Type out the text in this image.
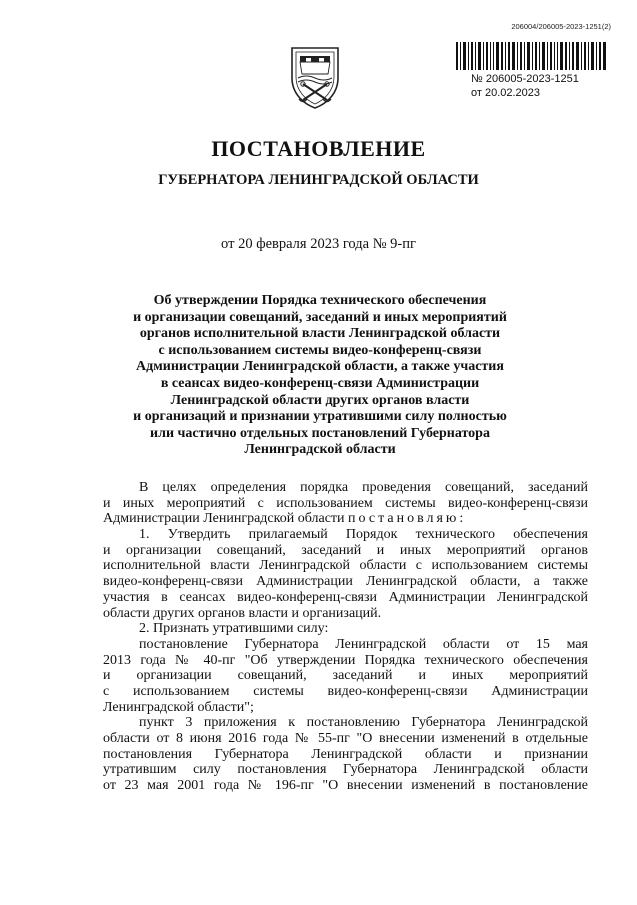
206004/206005-2023-1251(2)
№ 206005-2023-1251
от 20.02.2023
ПОСТАНОВЛЕНИЕ
ГУБЕРНАТОРА ЛЕНИНГРАДСКОЙ ОБЛАСТИ
от 20 февраля 2023 года № 9-пг
Об утверждении Порядка технического обеспечения
и организации совещаний, заседаний и иных мероприятий
органов исполнительной власти Ленинградской области
с использованием системы видео-конференц-связи
Администрации Ленинградской области, а также участия
в сеансах видео-конференц-связи Администрации
Ленинградской области других органов власти
и организаций и признании утратившими силу полностью
или частично отдельных постановлений Губернатора
Ленинградской области
В целях определения порядка проведения совещаний, заседаний
и иных мероприятий с использованием системы видео-конференц-связи
Администрации Ленинградской области постановляю:
1. Утвердить прилагаемый Порядок технического обеспечения
и организации совещаний, заседаний и иных мероприятий органов
исполнительной власти Ленинградской области с использованием системы
видео-конференц-связи Администрации Ленинградской области, а также
участия в сеансах видео-конференц-связи Администрации Ленинградской
области других органов власти и организаций.
2. Признать утратившими силу:
постановление Губернатора Ленинградской области от 15 мая
2013 года № 40-пг "Об утверждении Порядка технического обеспечения
и организации совещаний, заседаний и иных мероприятий
с использованием системы видео-конференц-связи Администрации
Ленинградской области";
пункт 3 приложения к постановлению Губернатора Ленинградской
области от 8 июня 2016 года № 55-пг "О внесении изменений в отдельные
постановления Губернатора Ленинградской области и признании
утратившим силу постановления Губернатора Ленинградской области
от 23 мая 2001 года № 196-пг "О внесении изменений в постановление
